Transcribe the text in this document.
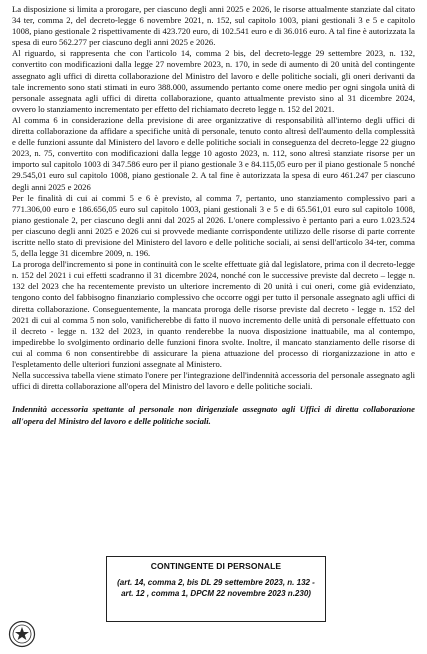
La disposizione si limita a prorogare, per ciascuno degli anni 2025 e 2026, le risorse attualmente stanziate dal citato 34 ter, comma 2, del decreto-legge 6 novembre 2021, n. 152, sul capitolo 1003, piani gestionali 3 e 5 e capitolo 1008, piano gestionale 2 rispettivamente di 423.720 euro, di 102.541 euro e di 36.016 euro. A tal fine è autorizzata la spesa di euro 562.277 per ciascuno degli anni 2025 e 2026.

Al riguardo, si rappresenta che con l'articolo 14, comma 2 bis, del decreto-legge 29 settembre 2023, n. 132, convertito con modificazioni dalla legge 27 novembre 2023, n. 170, in sede di aumento di 20 unità del contingente assegnato agli uffici di diretta collaborazione del Ministro del lavoro e delle politiche sociali, gli oneri derivanti da tale incremento sono stati stimati in euro 388.000, assumendo pertanto come onere medio per ogni singola unità di personale assegnata agli uffici di diretta collaborazione, quanto attualmente previsto sino al 31 dicembre 2024, ovvero lo stanziamento incrementato per effetto del richiamato decreto legge n. 152 del 2021.

Al comma 6 in considerazione della previsione di aree organizzative di responsabilità all'interno degli uffici di diretta collaborazione da affidare a specifiche unità di personale, tenuto conto altresì dell'aumento della complessità e delle funzioni assunte dal Ministero del lavoro e delle politiche sociali in conseguenza del decreto-legge 22 giugno 2023, n. 75, convertito con modificazioni dalla legge 10 agosto 2023, n. 112, sono altresì stanziate risorse per un importo sul capitolo 1003 di 347.586 euro per il piano gestionale 3 e 84.115,05 euro per il piano gestionale 5 nonché 29.545,01 euro sul capitolo 1008, piano gestionale 2. A tal fine è autorizzata la spesa di euro 461.247 per ciascuno degli anni 2025 e 2026

Per le finalità di cui ai commi 5 e 6 è previsto, al comma 7, pertanto, uno stanziamento complessivo pari a 771.306,00 euro e 186.656,05 euro sul capitolo 1003, piani gestionali 3 e 5 e di 65.561,01 euro sul capitolo 1008, piano gestionale 2, per ciascuno degli anni dal 2025 al 2026. L'onere complessivo è pertanto pari a euro 1.023.524 per ciascuno degli anni 2025 e 2026 cui si provvede mediante corrispondente utilizzo delle risorse di parte corrente iscritte nello stato di previsione del Ministero del lavoro e delle politiche sociali, ai sensi dell'articolo 34-ter, comma 5, della legge 31 dicembre 2009, n. 196.

La proroga dell'incremento si pone in continuità con le scelte effettuate già dal legislatore, prima con il decreto-legge n. 152 del 2021 i cui effetti scadranno il 31 dicembre 2024, nonché con le successive previste dal decreto – legge n. 132 del 2023 che ha recentemente previsto un ulteriore incremento di 20 unità i cui oneri, come già evidenziato, tengono conto del fabbisogno finanziario complessivo che occorre oggi per tutto il personale assegnato agli uffici di diretta collaborazione. Conseguentemente, la mancata proroga delle risorse previste dal decreto - legge n. 152 del 2021 di cui al comma 5 non solo, vanificherebbe di fatto il nuovo incremento delle unità di personale effettuato con il decreto - legge n. 132 del 2023, in quanto renderebbe la nuova disposizione inattuabile, ma al contempo, impedirebbe lo svolgimento ordinario delle funzioni finora svolte. Inoltre, il mancato stanziamento delle risorse di cui al comma 6 non consentirebbe di assicurare la piena attuazione del processo di riorganizzazione in atto e l'espletamento delle ulteriori funzioni assegnate al Ministero.

Nella successiva tabella viene stimato l'onere per l'integrazione dell'indennità accessoria del personale assegnato agli uffici di diretta collaborazione all'opera del Ministro del lavoro e delle politiche sociali.

Indennità accessoria spettante al personale non dirigenziale assegnato agli Uffici di diretta collaborazione all'opera del Ministro del lavoro e delle politiche sociali.

CONTINGENTE DI PERSONALE
(art. 14, comma 2, bis DL 29 settembre 2023, n. 132 - art. 12 , comma 1, DPCM 22 novembre 2023 n.230)
